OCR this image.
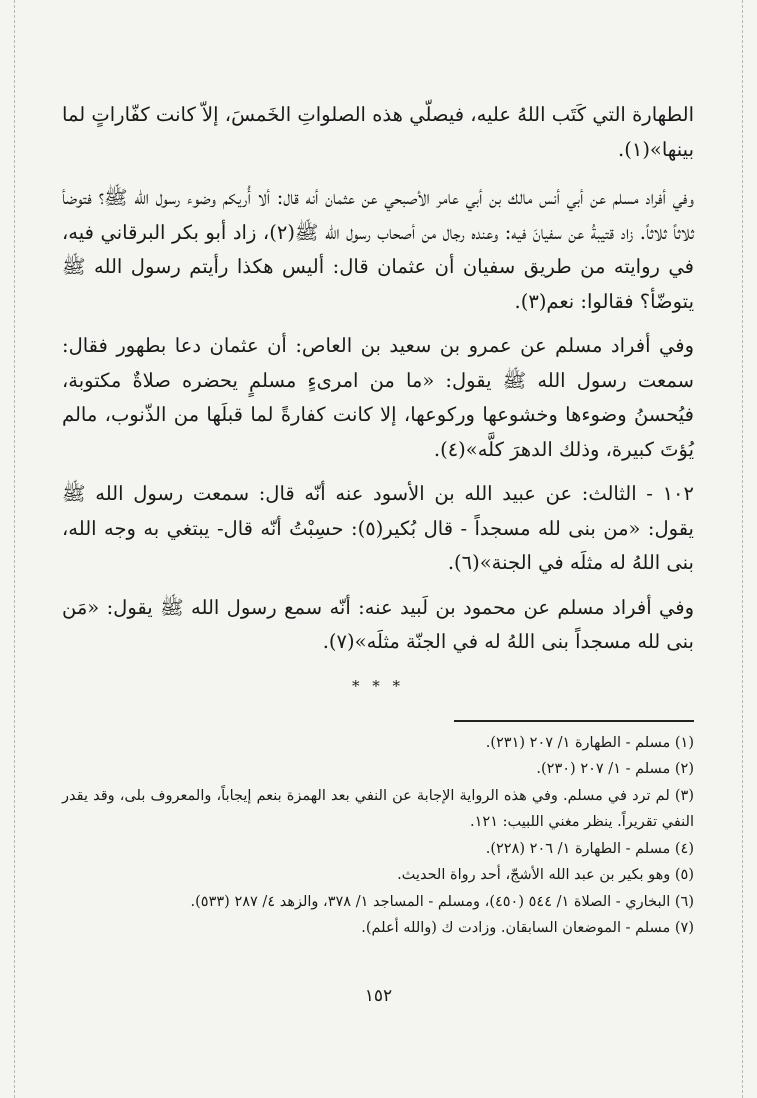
الطهارة التي كَتَب اللهُ عليه، فيصلّي هذه الصلواتِ الخَمسَ، إلاّ كانت كفّاراتٍ لما بينها»(١).

وفي أفراد مسلم عن أبي أنس مالك بن أبي عامر الأصبحي عن عثمان أنه قال: ألا أُريكم وضوء رسول الله ﷺ؟ فتوضأ ثلاثاً ثلاثاً. زاد قتيبةُ عن سفيانَ فيه: وعنده رجال من أصحاب رسول الله ﷺ(٢)، زاد أبو بكر البرقاني فيه، في روايته من طريق سفيان أن عثمان قال: أليس هكذا رأيتم رسول الله ﷺ يتوضّأ؟ فقالوا: نعم(٣).

وفي أفراد مسلم عن عمرو بن سعيد بن العاص: أن عثمان دعا بطهور فقال: سمعت رسول الله ﷺ يقول: «ما من امرىءٍ مسلمٍ يحضره صلاةٌ مكتوبة، فيُحسنُ وضوءها وخشوعها وركوعها، إلا كانت كفارةً لما قبلَها من الذّنوب، مالم يُؤتَ كبيرة، وذلك الدهرَ كلَّه»(٤).

١٠٢ - الثالث: عن عبيد الله بن الأسود عنه أنّه قال: سمعت رسول الله ﷺ يقول: «من بنى لله مسجداً - قال بُكير(٥): حسِبْتُ أنّه قال- يبتغي به وجه الله، بنى اللهُ له مثلَه في الجنة»(٦).

وفي أفراد مسلم عن محمود بن لَبيد عنه: أنّه سمع رسول الله ﷺ يقول: «مَن بنى لله مسجداً بنى اللهُ له في الجنّة مثلَه»(٧).

* * *

(١) مسلم - الطهارة ١/ ٢٠٧ (٢٣١).

(٢) مسلم - ١/ ٢٠٧ (٢٣٠).

(٣) لم ترد في مسلم. وفي هذه الرواية الإجابة عن النفي بعد الهمزة بنعم إيجاباً، والمعروف بلى، وقد يقدر النفي تقريراً. ينظر مغني اللبيب: ١٢١.

(٤) مسلم - الطهارة ١/ ٢٠٦ (٢٢٨).

(٥) وهو بكير بن عبد الله الأشجّ، أحد رواة الحديث.

(٦) البخاري - الصلاة ١/ ٥٤٤ (٤٥٠)، ومسلم - المساجد ١/ ٣٧٨، والزهد ٤/ ٢٨٧ (٥٣٣).

(٧) مسلم - الموضعان السابقان. وزادت ك (والله أعلم).

١٥٢
